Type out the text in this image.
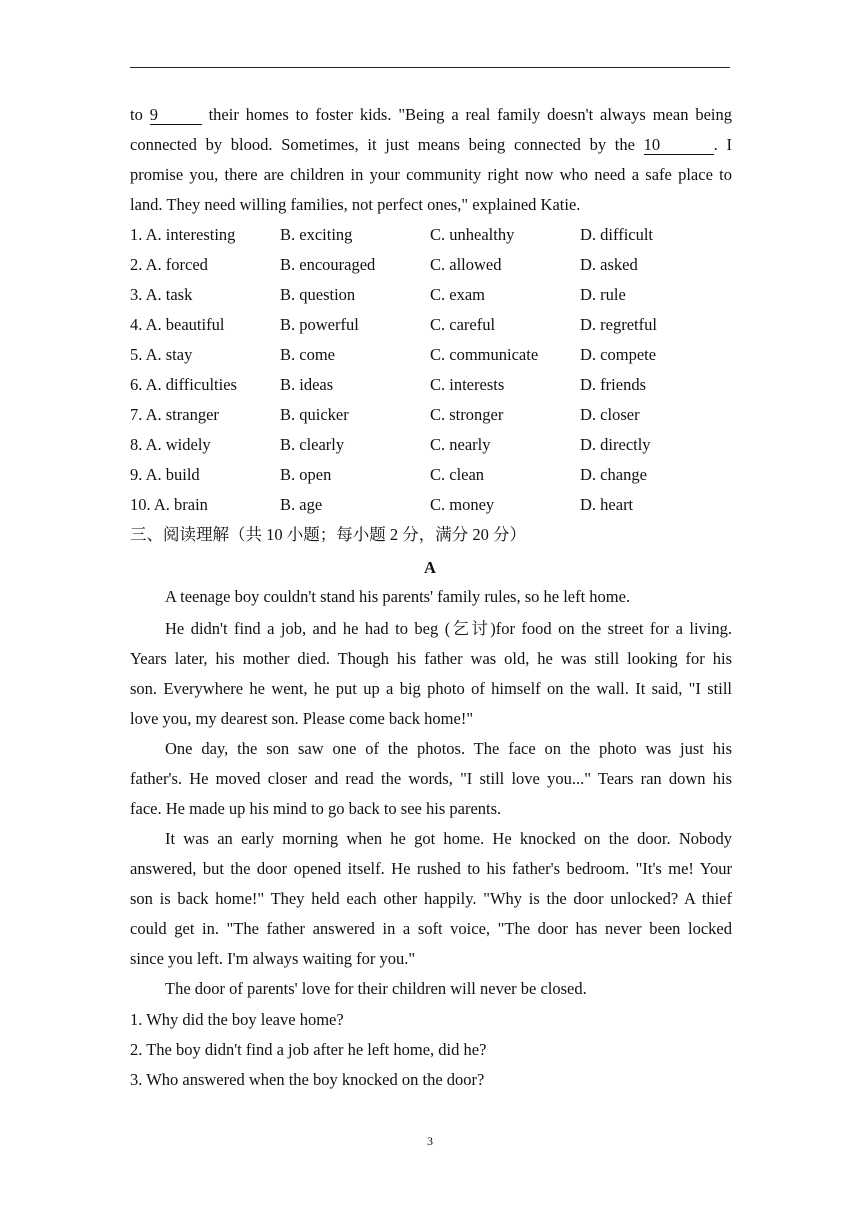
to 9	their homes to foster kids. "Being a real family doesn't always mean being
connected by blood. Sometimes, it just means being connected by the 10	. I
promise you, there are children in your community right now who need a safe place to
land. They need willing families, not perfect ones," explained Katie.
1. A. interesting	B. exciting	C. unhealthy	D. difficult
2. A. forced	B. encouraged	C. allowed	D. asked
3. A. task	B. question	C. exam	D. rule
4. A. beautiful	B. powerful	C. careful	D. regretful
5. A. stay	B. come	C. communicate	D. compete
6. A. difficulties	B. ideas	C. interests	D. friends
7. A. stranger	B. quicker	C. stronger	D. closer
8. A. widely	B. clearly	C. nearly	D. directly
9. A. build	B. open	C. clean	D. change
10. A. brain	B. age	C. money	D. heart
三、阅读理解（共 10 小题；每小题 2 分，满分 20 分）
A
A teenage boy couldn't stand his parents' family rules, so he left home.
He didn't find a job, and he had to beg (乞讨)for food on the street for a living.
Years later, his mother died. Though his father was old, he was still looking for his
son. Everywhere he went, he put up a big photo of himself on the wall. It said, "I still
love you, my dearest son. Please come back home!"
One day, the son saw one of the photos. The face on the photo was just his
father's. He moved closer and read the words, "I still love you..." Tears ran down his
face. He made up his mind to go back to see his parents.
It was an early morning when he got home. He knocked on the door. Nobody
answered, but the door opened itself. He rushed to his father's bedroom. "It's me! Your
son is back home!" They held each other happily. "Why is the door unlocked? A thief
could get in. "The father answered in a soft voice, "The door has never been locked
since you left. I'm always waiting for you."
The door of parents' love for their children will never be closed.
1. Why did the boy leave home?
2. The boy didn't find a job after he left home, did he?
3. Who answered when the boy knocked on the door?
3
